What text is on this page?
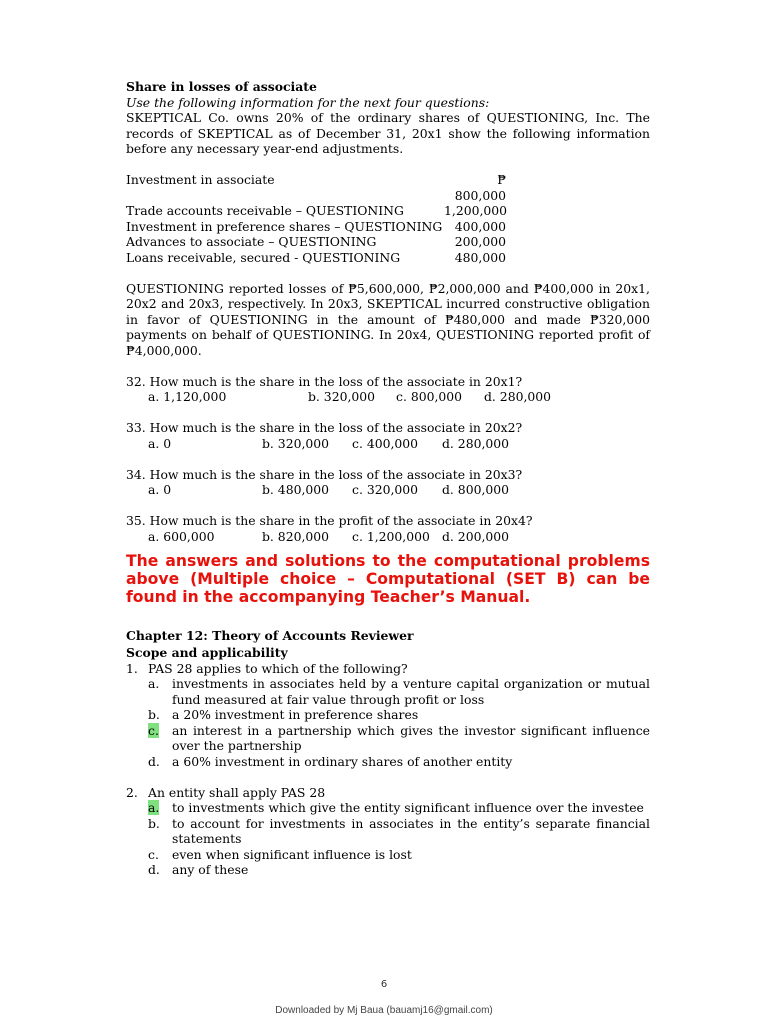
Share in losses of associate

Use the following information for the next four questions:

SKEPTICAL Co. owns 20% of the ordinary shares of QUESTIONING, Inc. The records of SKEPTICAL as of December 31, 20x1 show the following information before any necessary year-end adjustments.

Investment in associate	₱ 800,000
Trade accounts receivable – QUESTIONING	1,200,000
Investment in preference shares – QUESTIONING	400,000
Advances to associate – QUESTIONING	200,000
Loans receivable, secured - QUESTIONING	480,000

QUESTIONING reported losses of ₱5,600,000, ₱2,000,000 and ₱400,000 in 20x1, 20x2 and 20x3, respectively. In 20x3, SKEPTICAL incurred constructive obligation in favor of QUESTIONING in the amount of ₱480,000 and made ₱320,000 payments on behalf of QUESTIONING. In 20x4, QUESTIONING reported profit of ₱4,000,000.

32. How much is the share in the loss of the associate in 20x1?

a. 1,120,000	b. 320,000	c. 800,000	d. 280,000

33. How much is the share in the loss of the associate in 20x2?

a. 0	b. 320,000	c. 400,000	d. 280,000

34. How much is the share in the loss of the associate in 20x3?

a. 0	b. 480,000	c. 320,000	d. 800,000

35. How much is the share in the profit of the associate in 20x4?

a. 600,000	b. 820,000	c. 1,200,000 d. 200,000

The answers and solutions to the computational problems above (Multiple choice – Computational (SET B) can be found in the accompanying Teacher’s Manual.

Chapter 12: Theory of Accounts Reviewer

Scope and applicability

1. PAS 28 applies to which of the following?
a.	investments in associates held by a venture capital organization or mutual fund measured at fair value through profit or loss
b. a 20% investment in preference shares
c.	an interest in a partnership which gives the investor significant influence over the partnership
d. a 60% investment in ordinary shares of another entity
2. An entity shall apply PAS 28
a.	to investments which give the entity significant influence over the investee
b. to account for investments in associates in the entity’s separate financial statements
c.	even when significant influence is lost
d. any of these
6
Downloaded by Mj Baua (bauamj16@gmail.com)
